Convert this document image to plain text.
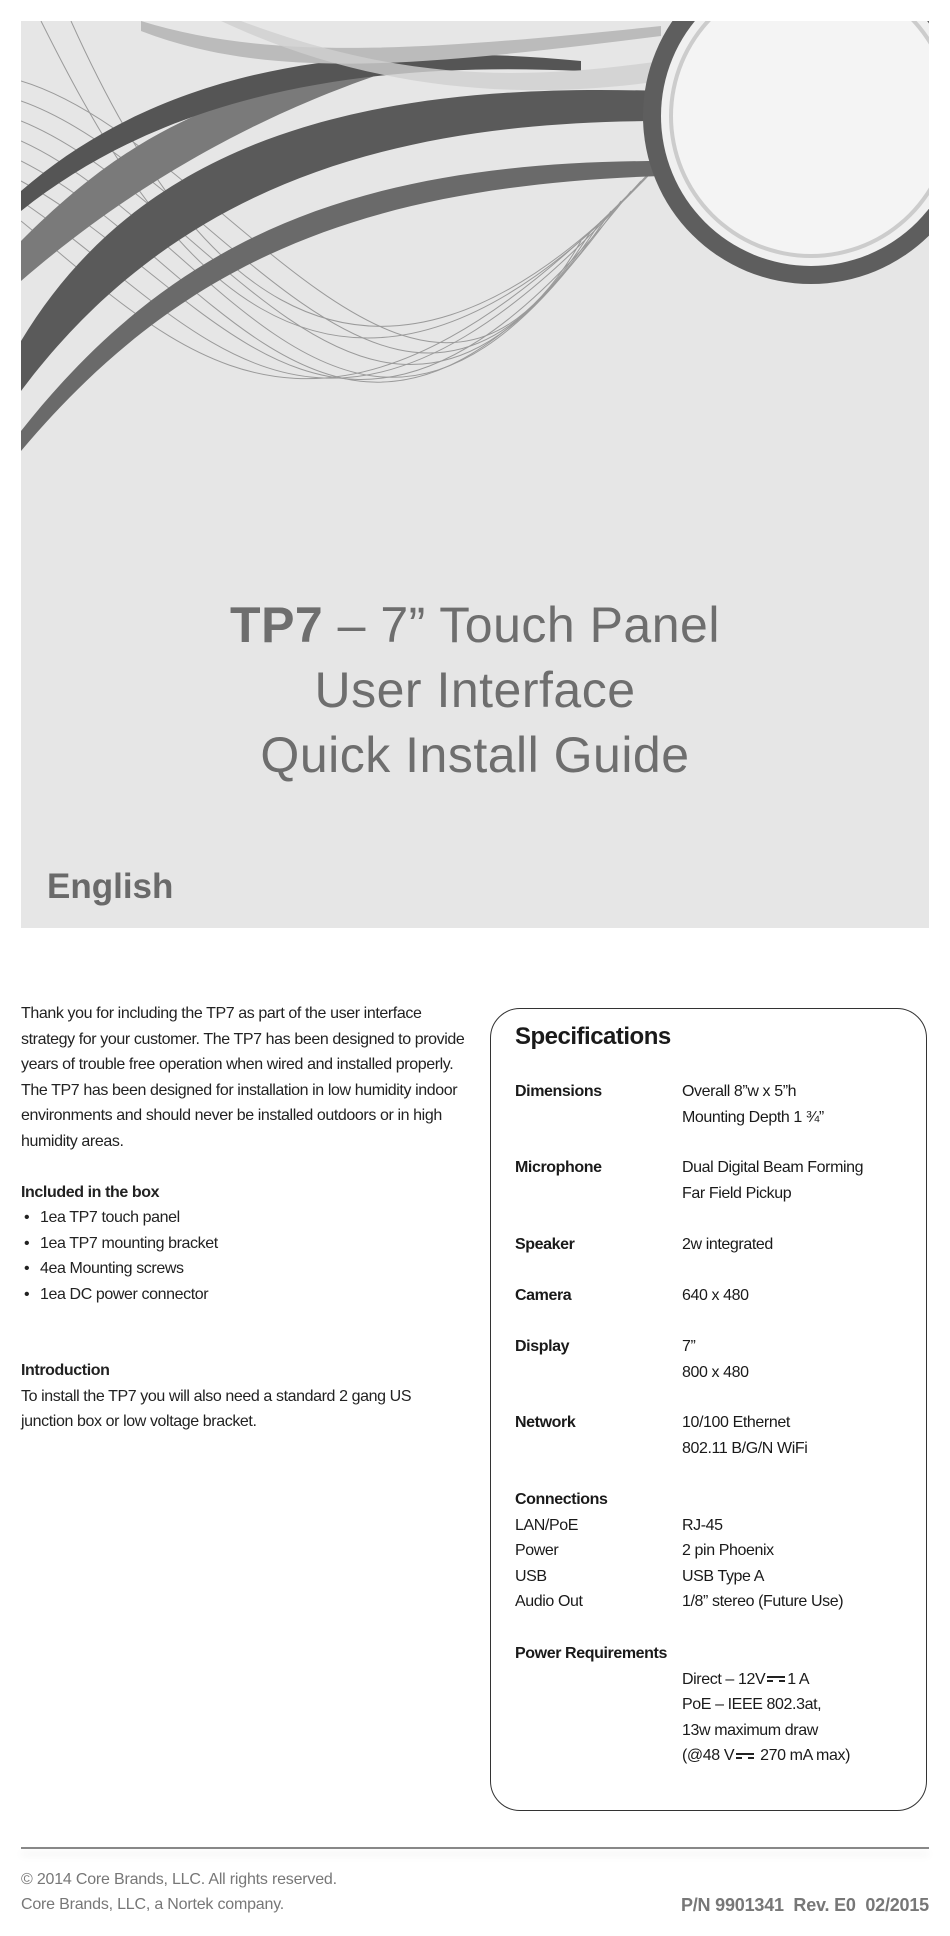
TP7 – 7” Touch Panel
User Interface
Quick Install Guide
English

Thank you for including the TP7 as part of the user interface strategy for your customer. The TP7 has been designed to provide years of trouble free operation when wired and installed properly. The TP7 has been designed for installation in low humidity indoor environments and should never be installed outdoors or in high humidity areas.

Included in the box
• 1ea TP7 touch panel
• 1ea TP7 mounting bracket
• 4ea Mounting screws
• 1ea DC power connector
Introduction

To install the TP7 you will also need a standard 2 gang US junction box or low voltage bracket.

Specifications
Dimensions	Overall 8”w x 5”h
Mounting Depth 1 ¾”
Microphone	Dual Digital Beam Forming
Far Field Pickup
Speaker	2w integrated
Camera	640 x 480
Display	7”
800 x 480
Network	10/100 Ethernet
802.11 B/G/N WiFi
Connections
LAN/PoE	RJ-45
Power	2 pin Phoenix
USB	USB Type A
Audio Out	1/8” stereo (Future Use)
Power Requirements
Direct – 12V 1 A
PoE – IEEE 802.3at,
13w maximum draw
(@48 V 270 mA max)
© 2014 Core Brands, LLC. All rights reserved.
Core Brands, LLC, a Nortek company.	P/N 9901341  Rev. E0  02/2015
